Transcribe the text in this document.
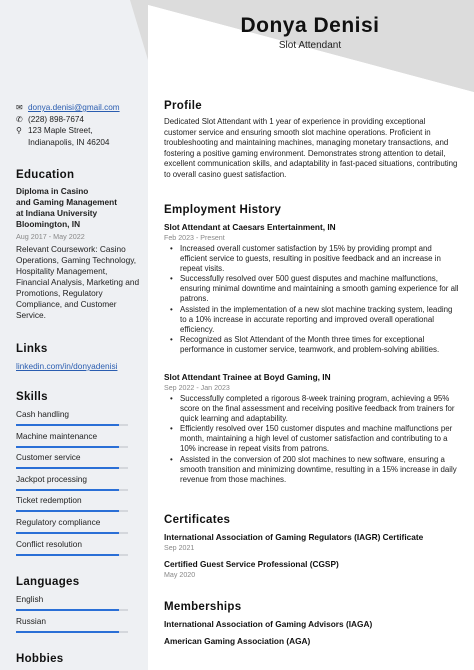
Donya Denisi
Slot Attendant
✉ donya.denisi@gmail.com
✆ (228) 898-7674
⚲ 123 Maple Street,
Indianapolis, IN 46204
Education
Diploma in Casino
and Gaming Management
at Indiana University
Bloomington, IN
Aug 2017 - May 2022
Relevant Coursework: Casino Operations, Gaming Technology, Hospitality Management, Financial Analysis, Marketing and Promotions, Regulatory Compliance, and Customer Service.
Links
linkedin.com/in/donyadenisi
Skills
Cash handling
Machine maintenance
Customer service
Jackpot processing
Ticket redemption
Regulatory compliance
Conflict resolution
Languages
English
Russian
Hobbies
Profile
Dedicated Slot Attendant with 1 year of experience in providing exceptional customer service and ensuring smooth slot machine operations. Proficient in troubleshooting and maintaining machines, managing monetary transactions, and fostering a positive gaming environment. Demonstrates strong attention to detail, excellent communication skills, and adaptability in fast-paced situations, contributing to overall casino guest satisfaction.
Employment History
Slot Attendant at Caesars Entertainment, IN
Feb 2023 - Present
• Increased overall customer satisfaction by 15% by providing prompt and efficient service to guests, resulting in positive feedback and an increase in repeat visits.
• Successfully resolved over 500 guest disputes and machine malfunctions, ensuring minimal downtime and maintaining a smooth gaming experience for all patrons.
• Assisted in the implementation of a new slot machine tracking system, leading to a 10% increase in accurate reporting and improved overall operational efficiency.
• Recognized as Slot Attendant of the Month three times for exceptional performance in customer service, teamwork, and problem-solving abilities.
Slot Attendant Trainee at Boyd Gaming, IN
Sep 2022 - Jan 2023
• Successfully completed a rigorous 8-week training program, achieving a 95% score on the final assessment and receiving positive feedback from trainers for quick learning and adaptability.
• Efficiently resolved over 150 customer disputes and machine malfunctions per month, maintaining a high level of customer satisfaction and contributing to a 10% increase in repeat visits from patrons.
• Assisted in the conversion of 200 slot machines to new software, ensuring a smooth transition and minimizing downtime, resulting in a 15% increase in daily revenue from those machines.
Certificates
International Association of Gaming Regulators (IAGR) Certificate
Sep 2021
Certified Guest Service Professional (CGSP)
May 2020
Memberships
International Association of Gaming Advisors (IAGA)
American Gaming Association (AGA)
